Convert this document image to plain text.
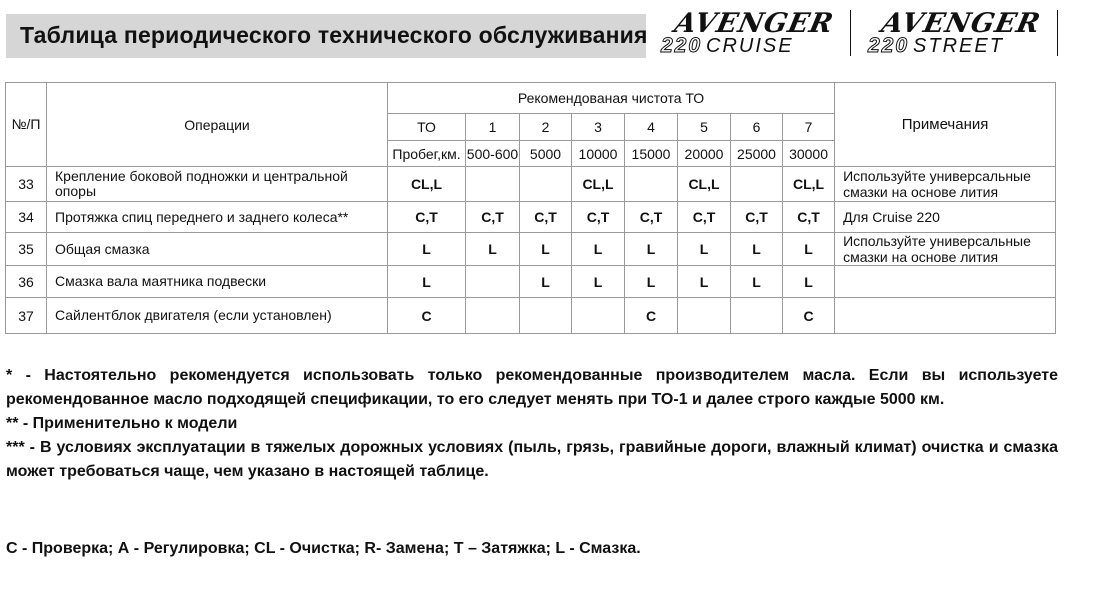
Таблица периодического технического обслуживания AVENGER
220 CRUISE
AVENGER
220 STREET
№/П	Операции	Рекомендованая чистота ТО								Примечания
		ТО	1	2	3	4	5	6	7	
		Пробег,км.	500-600	5000	10000	15000	20000	25000	30000	
33	Крепление боковой подножки и центральной опоры	CL,L			CL,L		CL,L		CL,L	Используйте универсальные смазки на основе лития
34	Протяжка спиц переднего и заднего колеса**	C,T	C,T	C,T	C,T	C,T	C,T	C,T	C,T	Для Cruise 220
35	Общая смазка	L	L	L	L	L	L	L	L	Используйте универсальные смазки на основе лития
36	Смазка вала маятника подвески	L		L	L	L	L	L	L	
37	Сайлентблок двигателя (если установлен)	C				C			C	

* - Настоятельно рекомендуется использовать только рекомендованные производителем масла. Если вы используете рекомендованное масло подходящей спецификации, то его следует менять при ТО-1 и далее строго каждые 5000 км.

** - Применительно к модели

*** - В условиях эксплуатации в тяжелых дорожных условиях (пыль, грязь, гравийные дороги, влажный климат) очистка и смазка может требоваться чаще, чем указано в настоящей таблице.

С - Проверка; А - Регулировка; CL - Очистка; R- Замена; Т – Затяжка; L - Смазка.
